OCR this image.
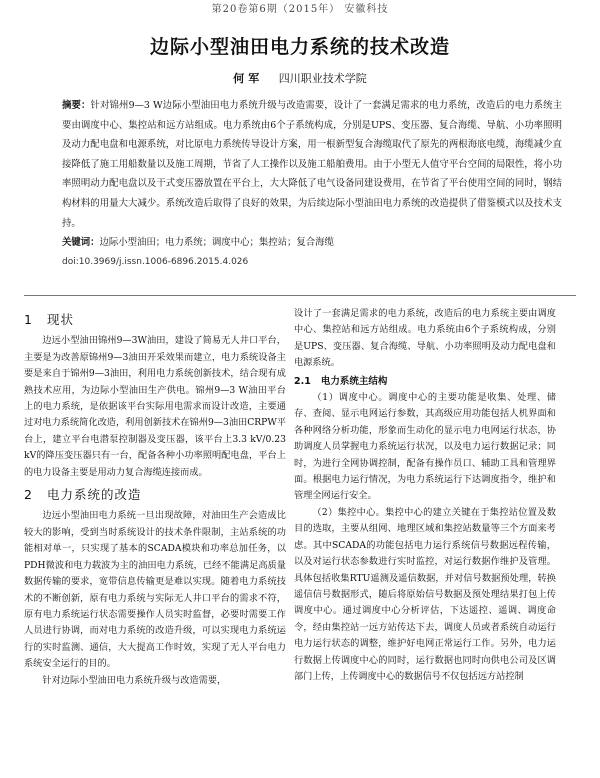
第20卷第6期（2015年） 安徽科技
边际小型油田电力系统的技术改造
何军 四川职业技术学院
摘要：针对锦州9—3 W边际小型油田电力系统升级与改造需要，设计了一套满足需求的电力系统，改造后的电力系统主要由调度中心、集控站和远方站组成。电力系统由6个子系统构成，分别是UPS、变压器、复合海缆、导航、小功率照明及动力配电盘和电源系统，对比原电力系统传导设计方案，用一根新型复合海缆取代了原先的两根海底电缆，海缆减少直接降低了施工用船数量以及施工周期，节省了人工操作以及施工船舶费用。由于小型无人值守平台空间的局限性，将小功率照明动力配电盘以及干式变压器放置在平台上，大大降低了电气设备同建设费用，在节省了平台使用空间的同时，钢结构材料的用量大大减少。系统改造后取得了良好的效果，为后续边际小型油田电力系统的改造提供了借鉴模式以及技术支持。
关键词：边际小型油田；电力系统；调度中心；集控站；复合海缆
doi:10.3969/j.issn.1006-6896.2015.4.026
1 现状

边远小型油田锦州9—3W油田，建设了简易无人井口平台，主要是为改善原锦州9—3油田开采效果而建立，电力系统设备主要是来自于锦州9—3油田，利用电力系统创新技术，结合现有成熟技术应用，为边际小型油田生产供电。锦州9—3 W油田平台上的电力系统，是依据该平台实际用电需求而设计改造，主要通过对电力系统简化改造，利用创新技术在锦州9—3油田CRPW平台上，建立平台电潜泵控制器及变压器，该平台上3.3 kV/0.23 kV的降压变压器只有一台，配备各种小功率照明配电盘，平台上的电力设备主要是用动力复合海缆连接而成。

2 电力系统的改造

边远小型油田电力系统一旦出现故障，对油田生产会造成比较大的影响，受到当时系统设计的技术条件限制，主站系统的功能相对单一，只实现了基本的SCADA模块和功率总加任务，以PDH微波和电力载波为主的油田电力系统，已经不能满足高质量数据传输的要求，宽带信息传输更是难以实现。随着电力系统技术的不断创新，原有电力系统与实际无人井口平台的需求不符，原有电力系统运行状态需要操作人员实时监督，必要时需要工作人员进行协调，而对电力系统的改造升级，可以实现电力系统运行的实时监测、通信，大大提高工作时效，实现了无人平台电力系统安全运行的目的。

针对边际小型油田电力系统升级与改造需要，

设计了一套满足需求的电力系统，改造后的电力系统主要由调度中心、集控站和远方站组成。电力系统由6个子系统构成，分别是UPS、变压器、复合海缆、导航、小功率照明及动力配电盘和电源系统。

2.1 电力系统主结构

（1）调度中心。调度中心的主要功能是收集、处理、储存、查阅、显示电网运行参数，其高级应用功能包括人机界面和各种网络分析功能，形象而生动化的显示电力电网运行状态，协助调度人员掌握电力系统运行状况，以及电力运行数据记录；同时，为进行全网协调控制，配备有操作员口、辅助工具和管理界面。根据电力运行情况，为电力系统运行下达调度指令，维护和管理全网运行安全。

（2）集控中心。集控中心的建立关键在于集控站位置及数目的选取，主要从组网、地理区域和集控站数量等三个方面来考虑。其中SCADA的功能包括电力运行系统信号数据远程传输，以及对运行状态参数进行实时监控，对运行数据作维护及管理。具体包括收集RTU遥测及遥信数据，并对信号数据预处理，转换遥信信号数据形式，随后将原始信号数据及预处理结果打包上传调度中心。通过调度中心分析评估，下达遥控、遥调、调度命令，经由集控站一远方站传达下去，调度人员或者系统自动运行电力运行状态的调整，维护好电网正常运行工作。另外，电力运行数据上传调度中心的同时，运行数据也同时向供电公司及区调部门上传，上传调度中心的数据信号不仅包括远方站控制
